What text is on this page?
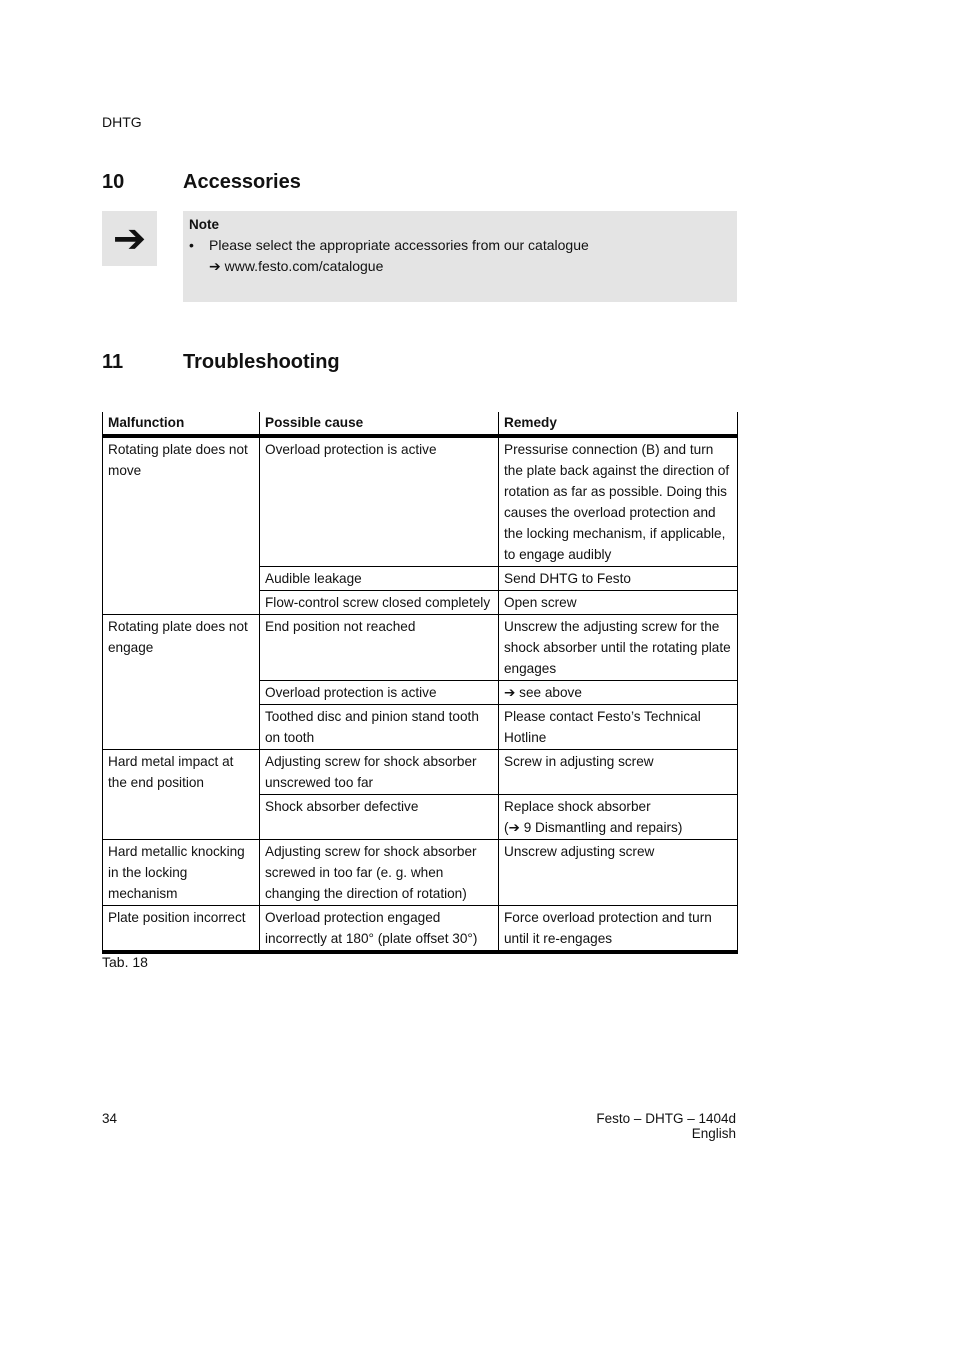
DHTG
10	Accessories
➔	Note
• Please select the appropriate accessories from our catalogue
➔ www.festo.com/catalogue
11	Troubleshooting
Malfunction	Possible cause	Remedy
Rotating plate does not move	Overload protection is active	Pressurise connection (B) and turn the plate back against the direction of rotation as far as possible. Doing this causes the overload protection and the locking mechanism, if applicable, to engage audibly
	Audible leakage	Send DHTG to Festo
	Flow-control screw closed completely	Open screw
Rotating plate does not engage	End position not reached	Unscrew the adjusting screw for the shock absorber until the rotating plate engages
	Overload protection is active	➔ see above
	Toothed disc and pinion stand tooth on tooth	Please contact Festo’s Technical Hotline
Hard metal impact at the end position	Adjusting screw for shock absorber unscrewed too far	Screw in adjusting screw
	Shock absorber defective	Replace shock absorber
(➔ 9 Dismantling and repairs)

Hard metallic knocking in the locking mechanism	Adjusting screw for shock absorber screwed in too far (e. g. when changing the direction of rotation)	Unscrew adjusting screw
Plate position incorrect	Overload protection engaged incorrectly at 180° (plate offset 30°)	Force overload protection and turn until it re-engages
Tab. 18
34	Festo – DHTG – 1404d English
